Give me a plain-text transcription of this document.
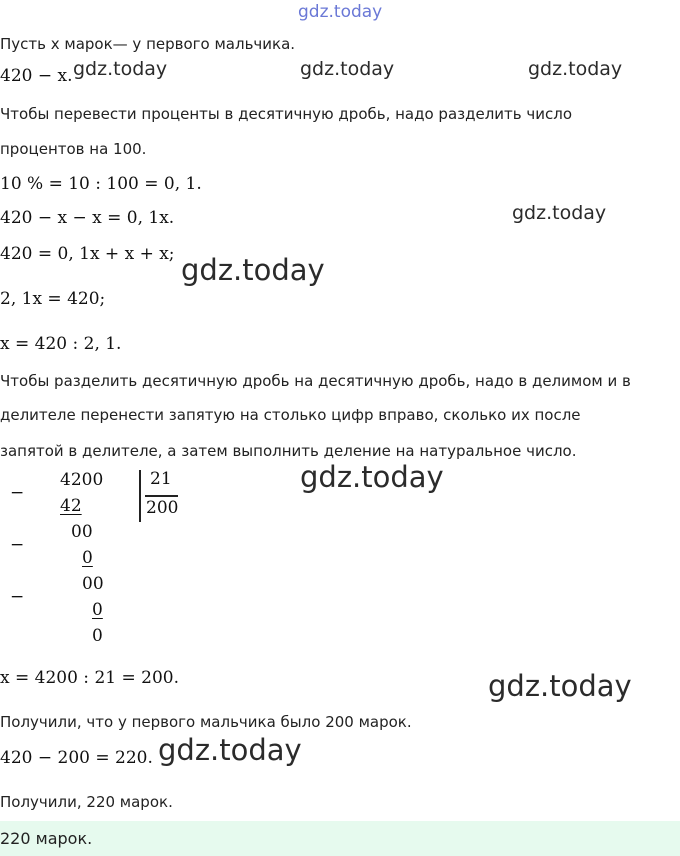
gdz.today
Пусть x марок— у первого мальчика.
420 − x.
Чтобы перевести проценты в десятичную дробь, надо разделить число
процентов на 100.
10 % = 10 : 100 = 0, 1.
420 − x − x = 0, 1x.
420 = 0, 1x + x + x;
2, 1x = 420;
x = 420 : 2, 1.
Чтобы разделить десятичную дробь на десятичную дробь, надо в делимом и в
делителе перенести запятую на столько цифр вправо, сколько их после
запятой в делителе, а затем выполнить деление на натуральное число.
−
4200
42
21
200
−
00
0
−
00
0
0
x = 4200 : 21 = 200.
Получили, что у первого мальчика было 200 марок.
420 − 200 = 220.
Получили, 220 марок.
220 марок.
gdz.today	gdz.today	gdz.today
gdz.today
gdz.today
gdz.today
gdz.today
gdz.today
